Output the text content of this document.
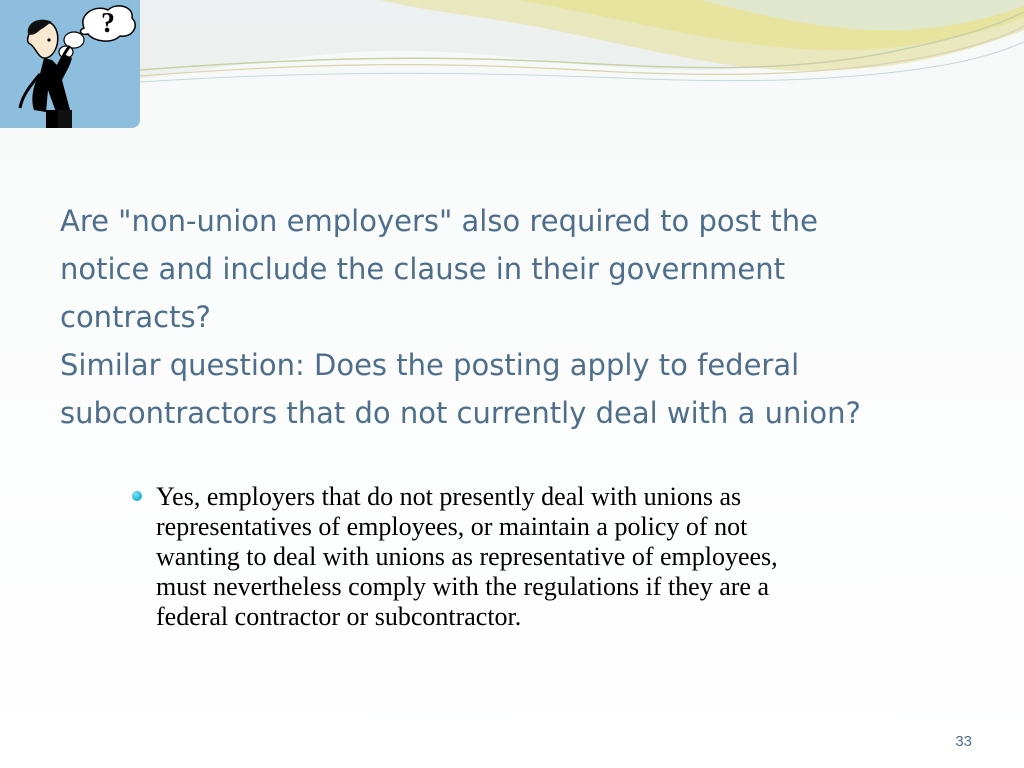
?
Are "non-union employers" also required to post the
notice and include the clause in their government
contracts?
Similar question: Does the posting apply to federal
subcontractors that do not currently deal with a union?
Yes, employers that do not presently deal with unions as
representatives of employees, or maintain a policy of not
wanting to deal with unions as representative of employees,
must nevertheless comply with the regulations if they are a
federal contractor or subcontractor.
33
